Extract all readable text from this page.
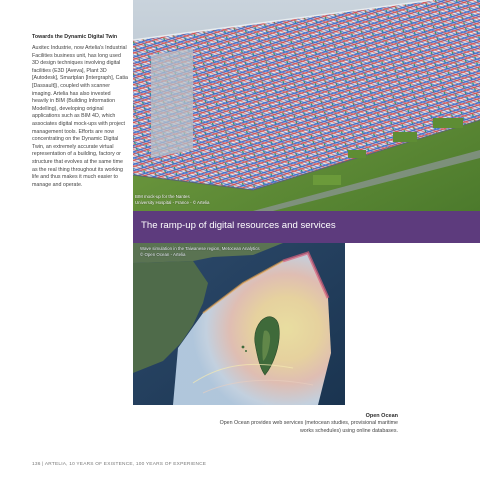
Towards the Dynamic Digital Twin

Auxitec Industrie, now Artelia's Industrial Facilities business unit, has long used 3D design techniques involving digital facilities (E3D [Aveva], Plant 3D [Autodesk], Smartplan [Intergraph], Catia [Dassault]), coupled with scanner imaging. Artelia has also invested heavily in BIM (Building Information Modelling), developing original applications such as BIM 4D, which associates digital mock-ups with project management tools. Efforts are now concentrating on the Dynamic Digital Twin, an extremely accurate virtual representation of a building, factory or structure that evolves at the same time as the real thing throughout its working life and thus makes it much easier to manage and operate.

BIM mock-up for the Nantes
University Hospital - France - © Artelia
The ramp-up of digital resources and services
Wave simulation in the Taiwanese region, Metocean Analytics
© Open Ocean - Artelia
Open Ocean
Open Ocean provides web services (metocean studies, provisional maritime
works schedules) using online databases.
136 | ARTELIA, 10 YEARS OF EXISTENCE, 100 YEARS OF EXPERIENCE
